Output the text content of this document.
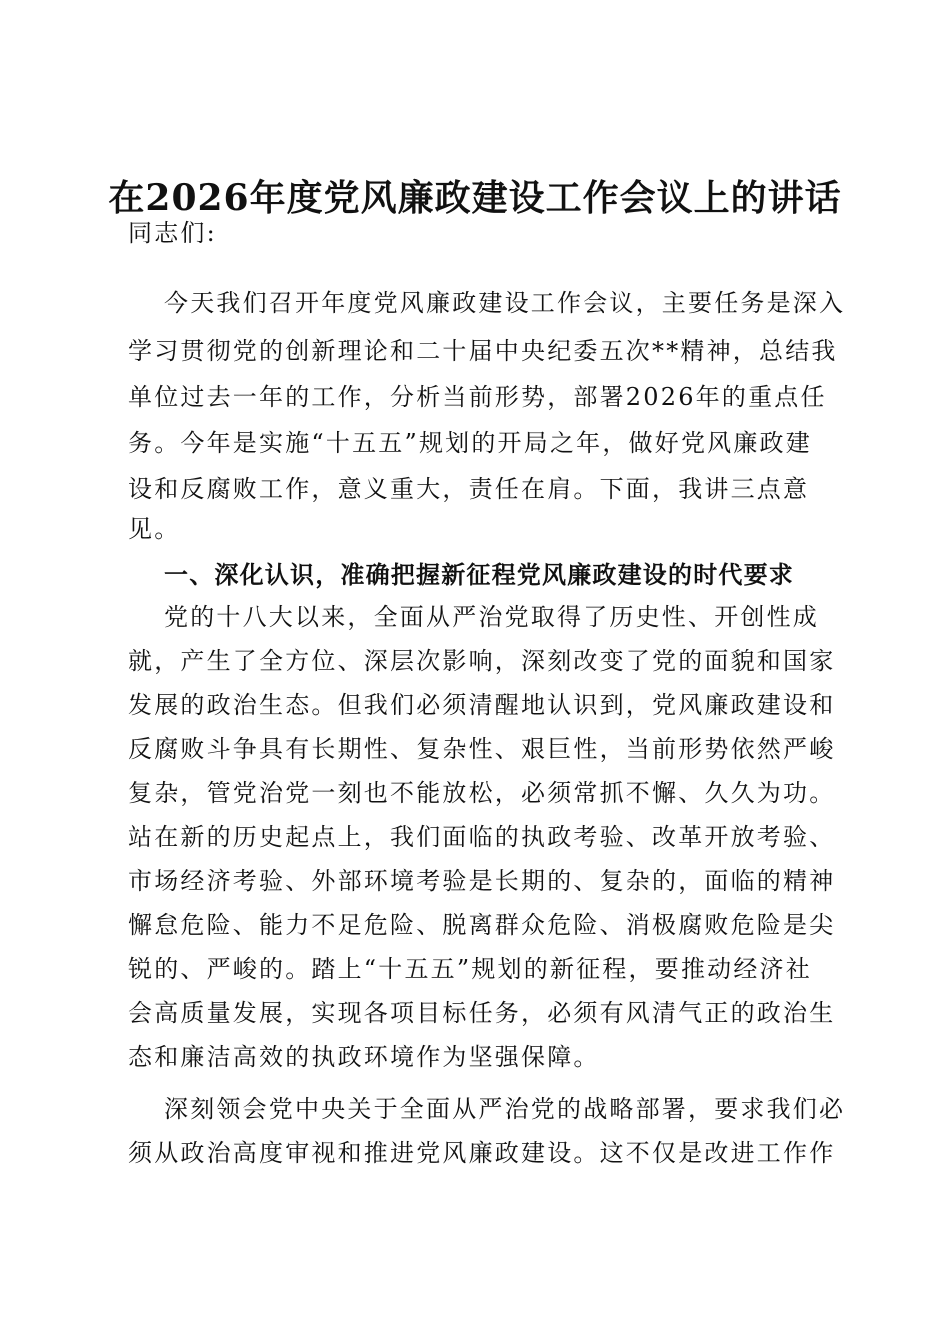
在2026年度党风廉政建设工作会议上的讲话
同志们:
今天我们召开年度党风廉政建设工作会议，主要任务是深入
学习贯彻党的创新理论和二十届中央纪委五次**精神，总结我
单位过去一年的工作，分析当前形势，部署2026年的重点任
务。今年是实施“十五五”规划的开局之年，做好党风廉政建
设和反腐败工作，意义重大，责任在肩。下面，我讲三点意
见。
一、深化认识，准确把握新征程党风廉政建设的时代要求
党的十八大以来，全面从严治党取得了历史性、开创性成
就，产生了全方位、深层次影响，深刻改变了党的面貌和国家
发展的政治生态。但我们必须清醒地认识到，党风廉政建设和
反腐败斗争具有长期性、复杂性、艰巨性，当前形势依然严峻
复杂，管党治党一刻也不能放松，必须常抓不懈、久久为功。
站在新的历史起点上，我们面临的执政考验、改革开放考验、
市场经济考验、外部环境考验是长期的、复杂的，面临的精神
懈怠危险、能力不足危险、脱离群众危险、消极腐败危险是尖
锐的、严峻的。踏上“十五五”规划的新征程，要推动经济社
会高质量发展，实现各项目标任务，必须有风清气正的政治生
态和廉洁高效的执政环境作为坚强保障。
深刻领会党中央关于全面从严治党的战略部署，要求我们必
须从政治高度审视和推进党风廉政建设。这不仅是改进工作作
